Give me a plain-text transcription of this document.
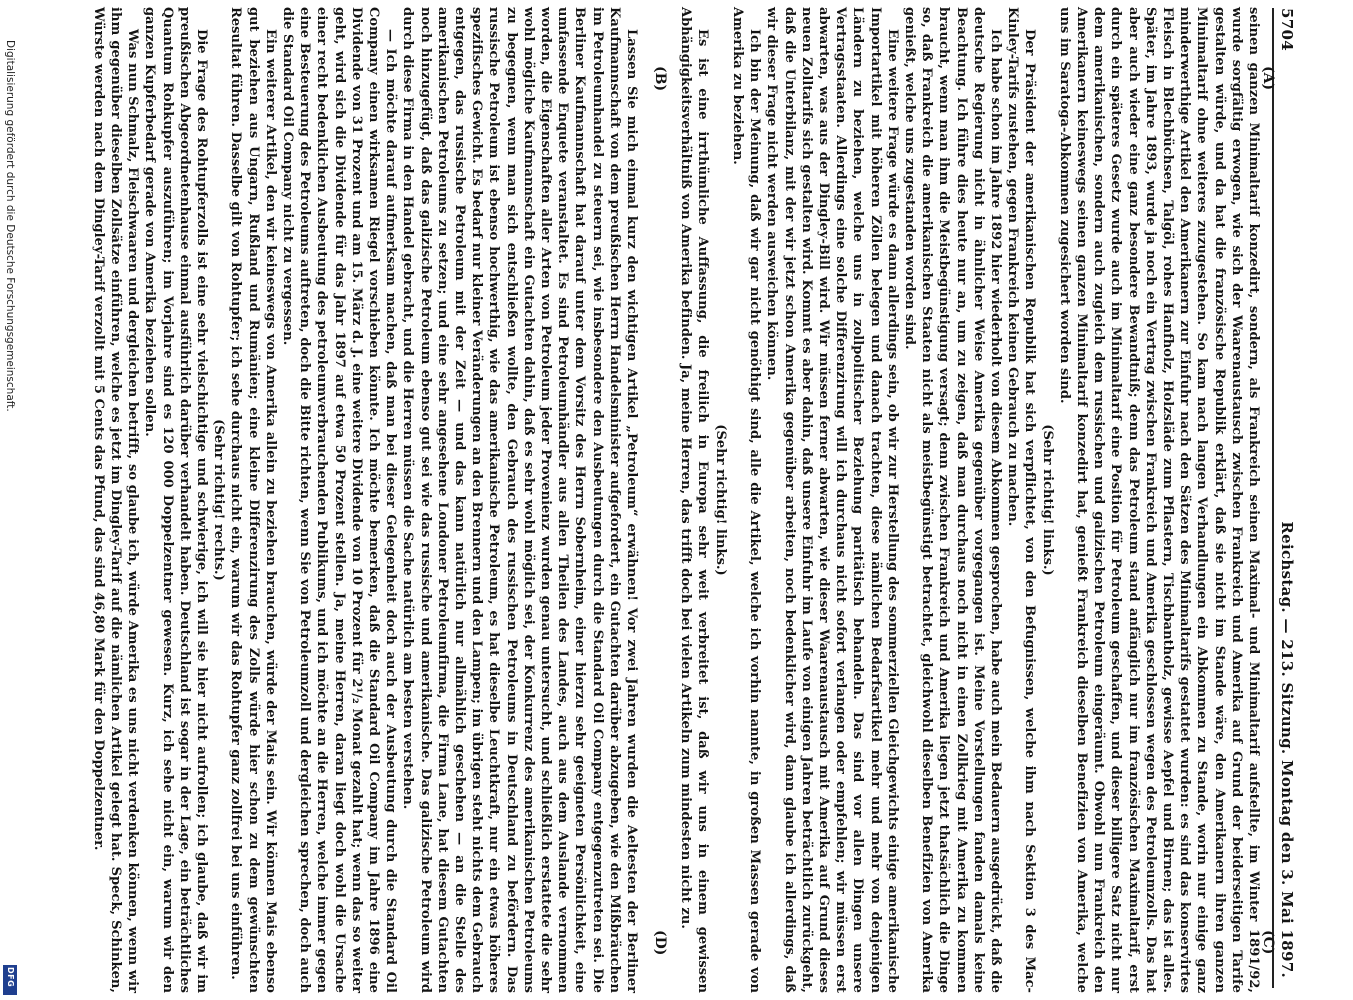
5704
Reichstag. — 213. Sitzung. Montag den 3. Mai 1897.
(A)
(B)
(C)
(D)	seinen ganzen Minimaltarif konzedirt, sondern, als Frankreich seinen Maximal- und Minimaltarif aufstellte, im Winter 1891/92, wurde sorgfältig erwogen, wie sich der Waarenaustausch zwischen Frankreich und Amerika auf Grund der beiderseitigen Tarife gestalten würde, und da hat die französische Republik erklärt, daß sie nicht im Stande wäre, den Amerikanern ihren ganzen Minimaltarif ohne weiteres zuzugestehen. So kam nach langen Verhandlungen ein Abkommen zu Stande, worin nur einige ganz minderwerthige Artikel den Amerikanern zur Einfuhr nach den Sätzen des Minimaltarifs gestattet wurden: es sind das konservirtes Fleisch in Blechbüchsen, Talgöl, rohes Hanfholz, Holzsläde zum Pflastern, Tischbantholz, gewisse Aepfel und Birnen; das ist alles. Später, im Jahre 1893, wurde ja noch ein Vertrag zwischen Frankreich und Amerika geschlossen wegen des Petroleumzolls. Das hat aber auch wieder eine ganz besondere Bewandtniß; denn das Petroleum stand anfänglich nur im französischen Maximaltarif, erst durch ein späteres Gesetz wurde auch im Minimaltarif eine Position für Petroleum geschaffen, und dieser billigere Satz nicht nur dem amerikanischen, sondern auch zugleich dem russischen und galizischen Petroleum eingeräumt. Obwohl nun Frankreich den Amerikanern keineswegs seinen ganzen Minimaltarif konzedirt hat, genießt Frankreich dieselben Benefizien von Amerika, welche uns im Saratoga-Abkommen zugesichert worden sind.

(Sehr richtig! links.)

Der Präsident der amerikanischen Republik hat sich verpflichtet, von den Befugnissen, welche ihm nach Sektion 3 des Mac-Kinley-Tarifs zustehen, gegen Frankreich keinen Gebrauch zu machen.

Ich habe schon im Jahre 1892 hier wiederholt von diesem Abkommen gesprochen, habe auch mein Bedauern ausgedrückt, daß die deutsche Regierung nicht in ähnlicher Weise Amerika gegenüber vorgegangen ist. Meine Vorstellungen fanden damals keine Beachtung. Ich führe dies heute nur an, um zu zeigen, daß man durchaus noch nicht in einen Zollkrieg mit Amerika zu kommen braucht, wenn man ihm die Meistbegünstigung versagt; denn zwischen Frankreich und Amerika liegen jetzt thatsächlich die Dinge so, daß Frankreich die amerikanischen Staaten nicht als meistbegünstigt betrachtet, gleichwohl dieselben Benefizien von Amerika genießt, welche uns zugestanden worden sind.

Eine weitere Frage würde es dann allerdings sein, ob wir zur Herstellung des sommerziellen Gleichgewichts einige amerikanische Importartikel mit höheren Zöllen belegen und danach trachten, diese nämlichen Bedarfsartikel mehr und mehr von denjenigen Ländern zu beziehen, welche uns in zollpolitischer Beziehung paritätisch behandeln. Das sind vor allen Dingen unsere Vertragsstaaten. Allerdings eine solche Differenzirung will ich durchaus nicht sofort verlangen oder empfehlen; wir müssen erst abwarten, was aus der Dingley-Bill wird. Wir müssen ferner abwarten, wie dieser Waarenaustausch mit Amerika auf Grund dieses neuen Zolltarifs sich gestalten wird. Kommt es aber dahin, daß unsere Einfuhr im Laufe von einigen Jahren beträchtlich zurückgeht, daß die Unterbilanz, mit der wir jetzt schon Amerika gegenüber arbeiten, noch bedenklicher wird, dann glaube ich allerdings, daß wir dieser Frage nicht werden ausweichen können.

Ich bin der Meinung, daß wir gar nicht genöthigt sind, alle die Artikel, welche ich vorhin nannte, in großen Massen gerade von Amerika zu beziehen.

(Sehr richtig! links.)

Es ist eine irrthümliche Auffassung, die freilich in Europa sehr weit verbreitet ist, daß wir uns in einem gewissen Abhängigkeitsverhältniß von Amerika befinden. Ja, meine Herren, das trifft doch bei vielen Artikeln zum mindesten nicht zu.

Lassen Sie mich einmal kurz den wichtigen Artikel „Petroleum“ erwähnen! Vor zwei Jahren wurden die Aeltesten der Berliner Kaufmannschaft von dem preußischen Herrn Handelsminister aufgefordert, ein Gutachten darüber abzugeben, wie den Mißbräuchen im Petroleumhandel zu steuern sei, wie insbesondere den Ausbeutungen durch die Standard Oil Company entgegenzutreten sei. Die Berliner Kaufmannschaft hat darauf unter dem Vorsitz des Herrn Sobernheim, einer hierzu sehr geeigneten Persönlichkeit, eine umfassende Enquete veranstaltet. Es sind Petroleumhändler aus allen Theilen des Landes, auch aus dem Auslande vernommen worden, die Eigenschaften aller Arten von Petroleum jeder Provenienz wurden genau untersucht, und schließlich erstattete die sehr wohl mögliche Kaufmannschaft ein Gutachten dahin, daß es sehr wohl möglich sei, der Konkurrenz des amerikanischen Petroleums zu begegnen, wenn man sich entschließen wollte, den Gebrauch des russischen Petroleums in Deutschland zu befördern. Das russische Petroleum ist ebenso hochwerthig, wie das amerikanische Petroleum, es hat dieselbe Leuchtkraft, nur ein etwas höheres spezifisches Gewicht. Es bedarf nur kleiner Veränderungen an den Brennern und den Lampen; im übrigen steht nichts dem Gebrauch entgegen, das russische Petroleum mit der Zeit — und das kann natürlich nur allmählich geschehen — an die Stelle des amerikanischen Petroleums zu setzen; und eine sehr angesehene Londoner Petroleumfirma, die Firma Lane, hat diesem Gutachten noch hinzugefügt, daß das galizische Petroleum ebenso gut sei wie das russische und amerikanische. Das galizische Petroleum wird durch diese Firma in den Handel gebracht, und die Herren müssen die Sache natürlich am besten verstehen.

— Ich möchte darauf aufmerksam machen, daß man bei dieser Gelegenheit doch auch der Ausbeutung durch die Standard Oil Company einen wirksamen Riegel vorschieben könnte. Ich möchte bemerken, daß die Standard Oil Company im Jahre 1896 eine Dividende von 31 Prozent und am 15. März d. J. eine weitere Dividende von 10 Prozent für 2¹/₂ Monat gezahlt hat; wenn das so weiter geht, wird sich die Dividende für das Jahr 1897 auf etwa 50 Prozent stellen. Ja, meine Herren, daran liegt doch wohl die Ursache einer recht bedenklichen Ausbeutung des petroleumverbrauchenden Publikums, und ich möchte an die Herren, welche immer gegen eine Besteuerung des Petroleums auftreten, doch die Bitte richten, wenn Sie von Petroleumzoll und dergleichen sprechen, doch auch die Standard Oil Company nicht zu vergessen.

Ein weiterer Artikel, den wir keineswegs von Amerika allein zu beziehen brauchen, würde der Mais sein. Wir können Mais ebenso gut beziehen aus Ungarn, Rußland und Rumänien; eine kleine Differenzirung des Zolls würde hier schon zu dem gewünschten Resultat führen. Dasselbe gilt von Rohtupfer; ich sehe durchaus nicht ein, warum wir das Rohtupfer ganz zollfrei bei uns einführen.

(Sehr richtig! rechts.)

Die Frage des Rohtupferzolls ist eine sehr vielschichtige und schwierige, ich will sie hier nicht aufrollen; ich glaube, daß wir im preußischen Abgeordnetenhause einmal ausführlich darüber verhandelt haben. Deutschland ist sogar in der Lage, ein beträchtliches Quantum Rohkupfer auszuführen; im Vorjahre sind es 120 000 Doppelzentner gewesen. Kurz, ich sehe nicht ein, warum wir den ganzen Kupferbedarf gerade von Amerika beziehen sollen.

Was nun Schmalz, Fleischwaaren und dergleichen betrifft, so glaube ich, würde Amerika es uns nicht verdenken können, wenn wir ihm gegenüber dieselben Zollsätze einführen, welche es jetzt im Dingley-Tarif auf die nämlichen Artikel gelegt hat. Speck, Schinken, Würste werden nach dem Dingley-Tarif verzollt mit 5 Cents das Pfund, das sind 46,80 Mark für den Doppelzentner.

Digitalisierung gefördert durch die Deutsche Forschungsgemeinschaft.
DFG
